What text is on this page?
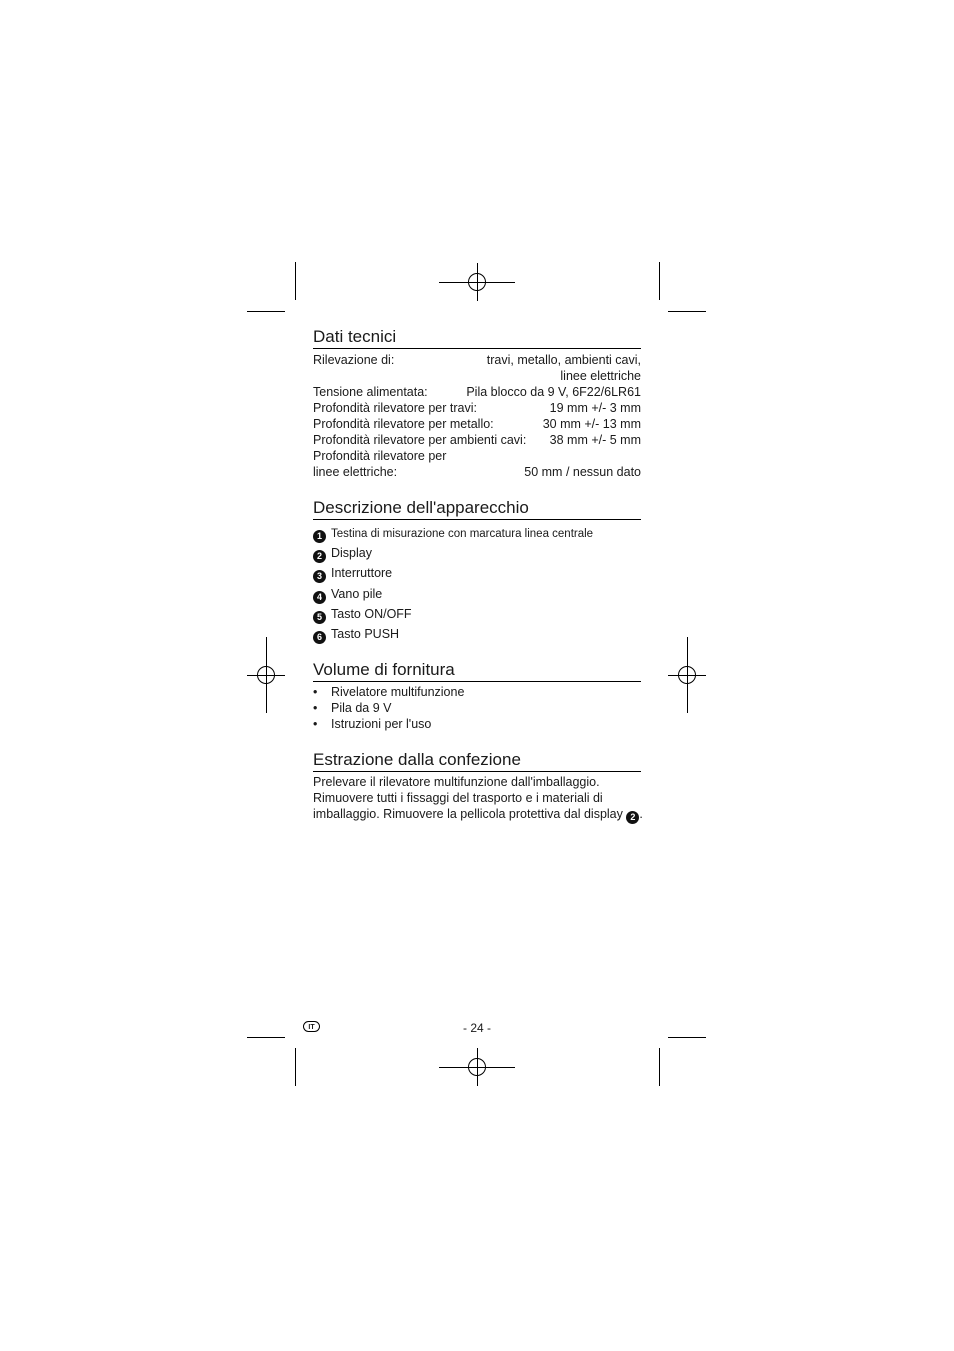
Dati tecnici
Rilevazione di:	travi, metallo, ambienti cavi,
linee elettriche
Tensione alimentata:	Pila blocco da 9 V, 6F22/6LR61
Profondità rilevatore per travi:	19 mm +/- 3 mm
Profondità rilevatore per metallo:	30 mm +/- 13 mm
Profondità rilevatore per ambienti cavi: 38 mm +/- 5 mm
Profondità rilevatore per
linee elettriche:	50 mm / nessun dato
Descrizione dell'apparecchio
1 Testina di misurazione con marcatura linea centrale
2 Display
3 Interruttore
4 Vano pile
5 Tasto ON/OFF
6 Tasto PUSH
Volume di fornitura
• Rivelatore multifunzione
• Pila da 9 V
• Istruzioni per l'uso
Estrazione dalla confezione
Prelevare il rilevatore multifunzione dall'imballaggio.
Rimuovere tutti i fissaggi del trasporto e i materiali di
imballaggio. Rimuovere la pellicola protettiva dal display 2 .
IT	- 24 -
